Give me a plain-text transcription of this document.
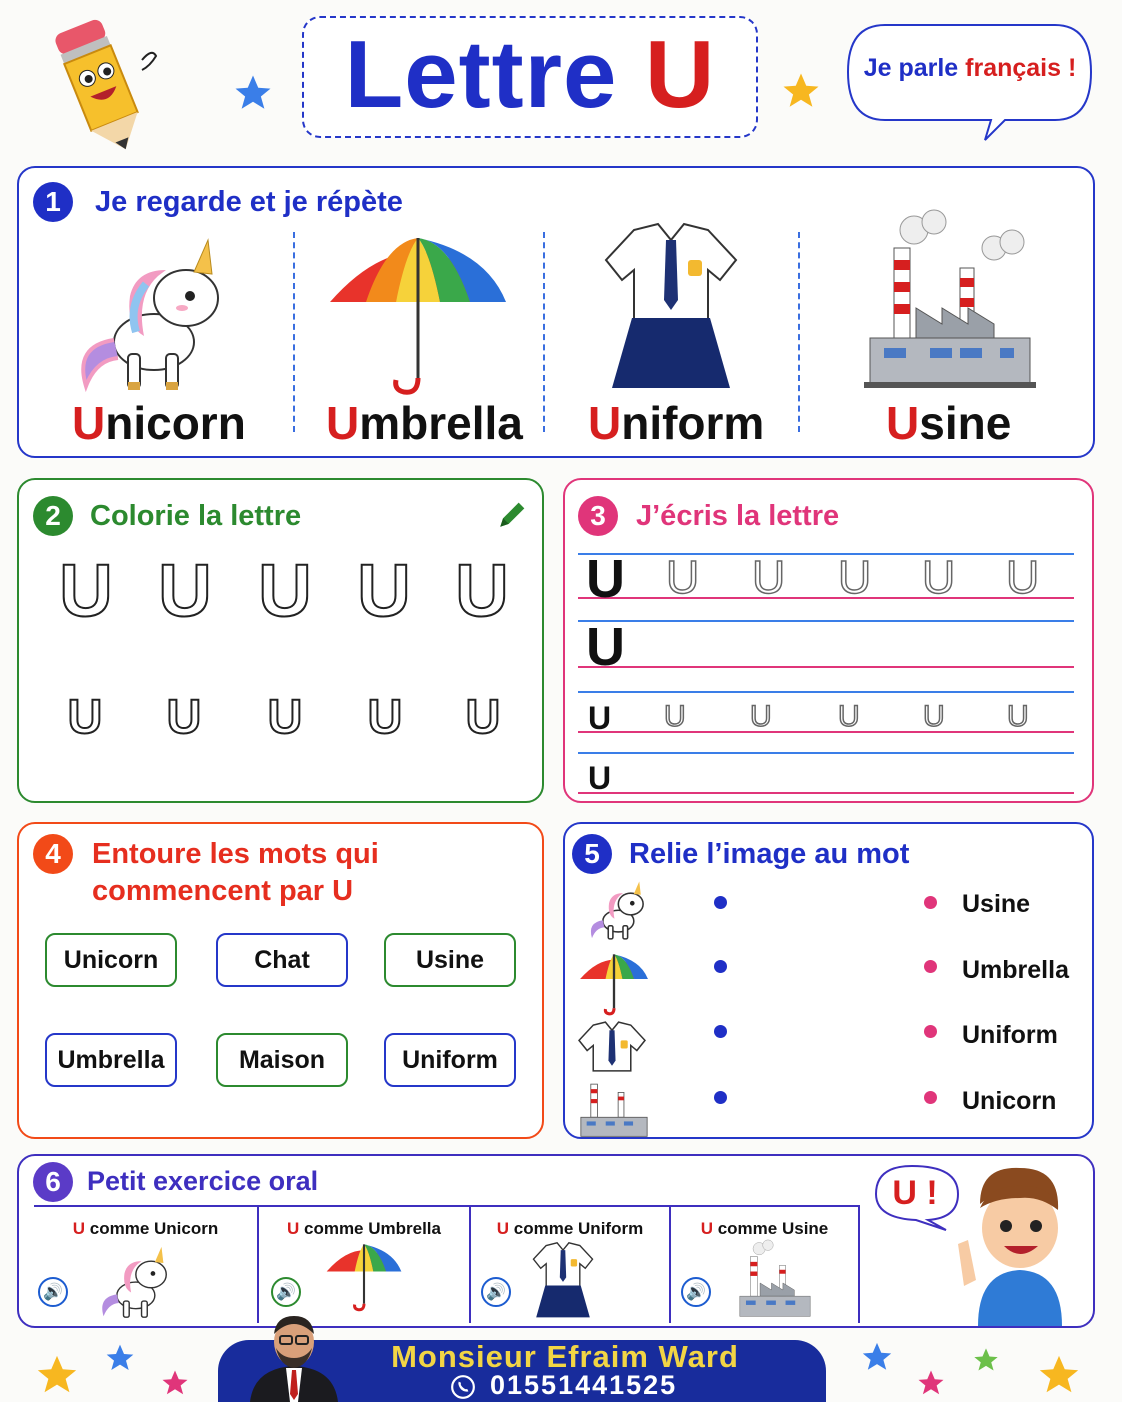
Lettre U	Je parle français !
1	Je regarde et je répète
Unicorn Umbrella Uniform	Usine
2	Colorie la lettre
U U U U U
U U U U U
3	J’écris la lettre
U U U U U U
U
U U U U U U
U
4	Entoure les mots qui
commencent par U
Unicorn	Chat	Usine
Umbrella	Maison	Uniform
5	Relie l’image au mot
Usine
Umbrella
Uniform
Unicorn
6 Petit exercice oral
U comme Unicorn
🔊
U comme Umbrella
🔊
U comme Uniform
🔊
U comme Usine
🔊
U !
Monsieur Efraim Ward
01551441525
